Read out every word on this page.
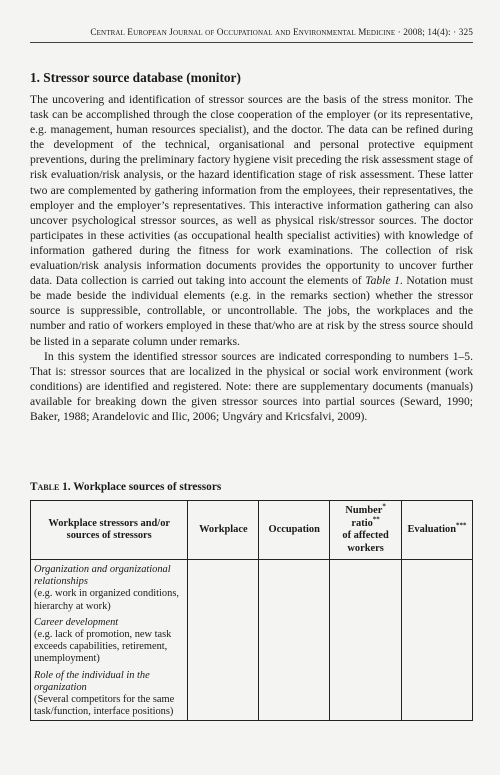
Central European Journal of Occupational and Environmental Medicine · 2008; 14(4): · 325
1. Stressor source database (monitor)

The uncovering and identification of stressor sources are the basis of the stress monitor. The task can be accomplished through the close cooperation of the employer (or its representative, e.g. management, human resources specialist), and the doctor. The data can be refined during the development of the technical, organisational and personal protective equipment preventions, during the preliminary factory hygiene visit preceding the risk assessment stage of risk evaluation/risk analysis, or the hazard identification stage of risk assessment. These latter two are complemented by gathering information from the employees, their representatives, the employer and the employer’s representatives. This interactive information gathering can also uncover psychological stressor sources, as well as physical risk/stressor sources. The doctor participates in these activities (as occupational health specialist activities) with knowledge of information gathered during the fitness for work examinations. The collection of risk evaluation/risk analysis information documents provides the opportunity to uncover further data. Data collection is carried out taking into account the elements of Table 1. Notation must be made beside the individual elements (e.g. in the remarks section) whether the stressor source is suppressible, controllable, or uncontrollable. The jobs, the workplaces and the number and ratio of workers employed in these that/who are at risk by the stress source should be listed in a separate column under remarks.

In this system the identified stressor sources are indicated corresponding to numbers 1–5. That is: stressor sources that are localized in the physical or social work environment (work conditions) are identified and registered. Note: there are supplementary documents (manuals) available for breaking down the given stressor sources into partial sources (Seward, 1990; Baker, 1988; Arandelovic and Ilic, 2006; Ungváry and Kricsfalvi, 2009).

Table 1. Workplace sources of stressors
Workplace stressors and/or sources of stressors	Workplace	Occupation	Number*
ratio**
of affected workers	Evaluation***

Organization and organizational relationships
(e.g. work in organized conditions, hierarchy at work)				

Career development
(e.g. lack of promotion, new task exceeds capabilities, retirement, unemployment)				

Role of the individual in the organization
(Several competitors for the same task/function, interface positions)				
